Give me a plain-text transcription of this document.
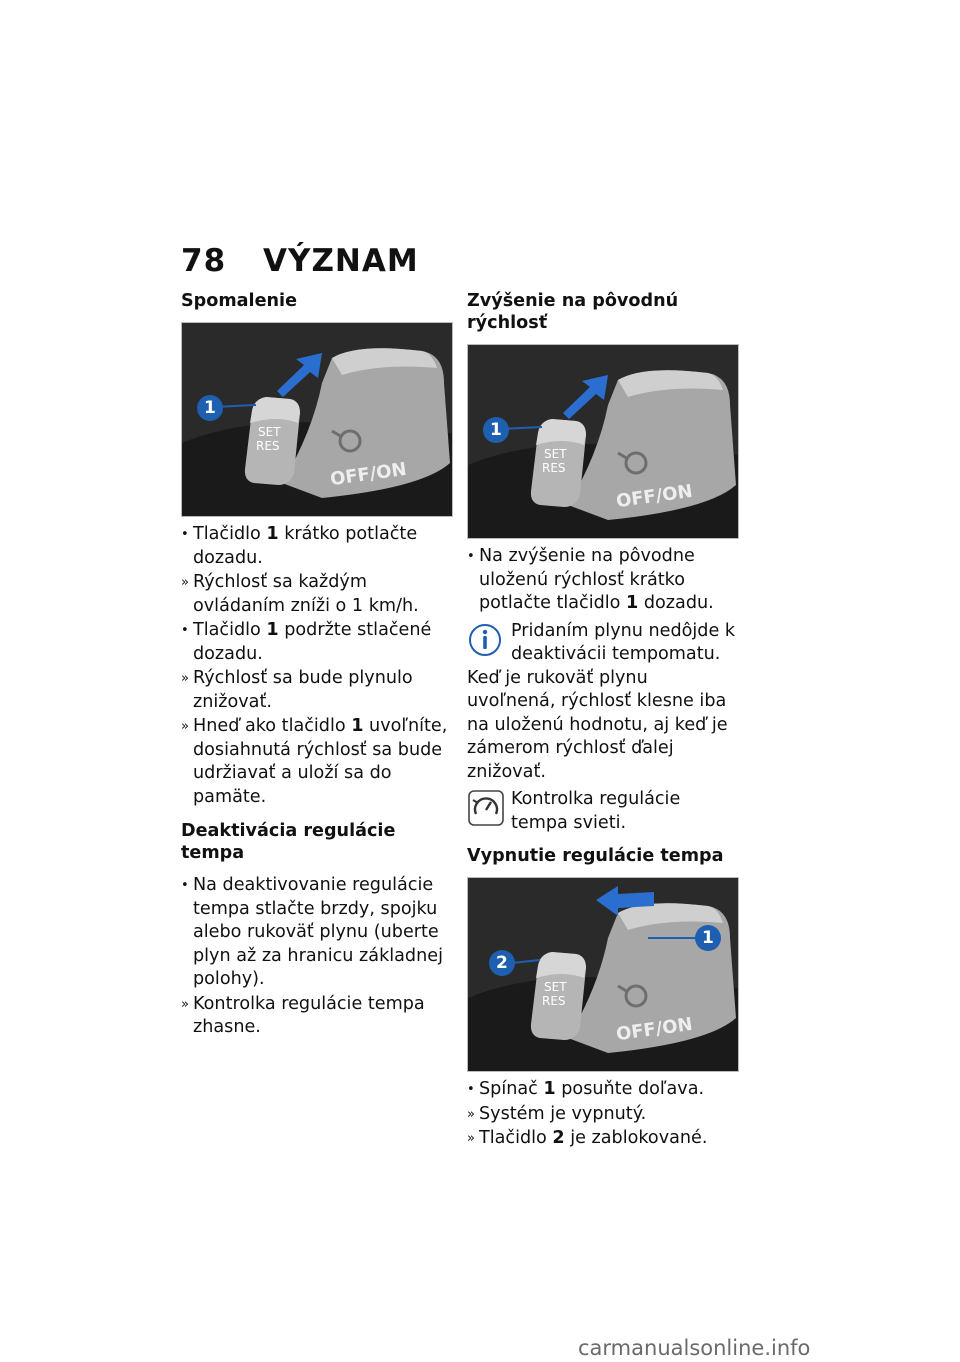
78 VÝZNAM
Spomalenie
1
SET
RES
OFF/ON
• Tlačidlo 1 krátko potlačte dozadu.
» Rýchlosť sa každým ovládaním zníži o 1 km/h.
• Tlačidlo 1 podržte stlačené dozadu.
» Rýchlosť sa bude plynulo znižovať.
» Hneď ako tlačidlo 1 uvoľníte, dosiahnutá rýchlosť sa bude udržiavať a uloží sa do pamäte.
Deaktivácia regulácie tempa
• Na deaktivovanie regulácie tempa stlačte brzdy, spojku alebo rukoväť plynu (uberte plyn až za hranicu základnej polohy).
» Kontrolka regulácie tempa zhasne.
Zvýšenie na pôvodnú rýchlosť
1
SET
RES
OFF/ON
• Na zvýšenie na pôvodne uloženú rýchlosť krátko potlačte tlačidlo 1 dozadu.
Pridaním plynu nedôjde k deaktivácii tempomatu.

Keď je rukoväť plynu uvoľnená, rýchlosť klesne iba na uloženú hodnotu, aj keď je zámerom rýchlosť ďalej znižovať.

Kontrolka regulácie tempa svieti.
Vypnutie regulácie tempa
1
2
SET
RES
OFF/ON
• Spínač 1 posuňte doľava.
» Systém je vypnutý.
» Tlačidlo 2 je zablokované.
carmanualsonline.info
